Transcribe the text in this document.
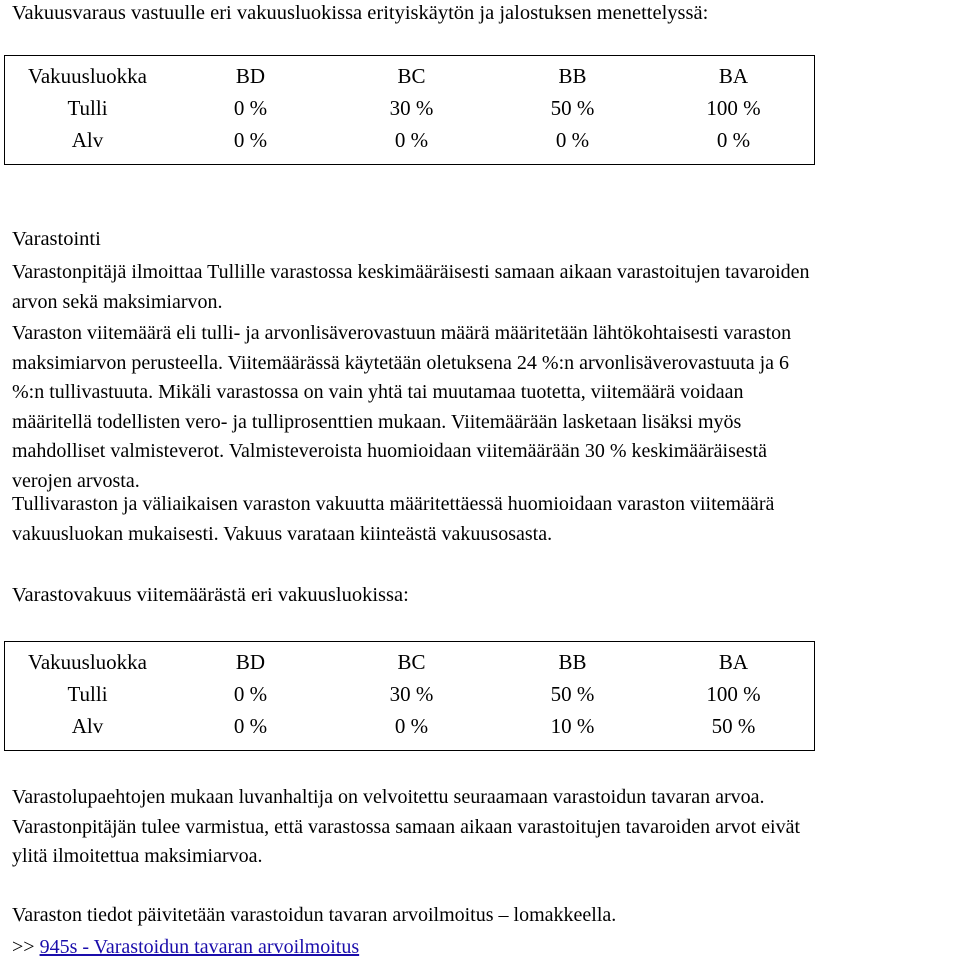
Vakuusvaraus vastuulle eri vakuusluokissa erityiskäytön ja jalostuksen menettelyssä:
Vakuusluokka	BD	BC	BB	BA
Tulli	0 %	30 %	50 %	100 %
Alv	0 %	0 %	0 %	0 %
Varastointi
Varastonpitäjä ilmoittaa Tullille varastossa keskimääräisesti samaan aikaan varastoitujen tavaroiden
arvon sekä maksimiarvon.
Varaston viitemäärä eli tulli- ja arvonlisäverovastuun määrä määritetään lähtökohtaisesti varaston
maksimiarvon perusteella. Viitemäärässä käytetään oletuksena 24 %:n arvonlisäverovastuuta ja 6
%:n tullivastuuta. Mikäli varastossa on vain yhtä tai muutamaa tuotetta, viitemäärä voidaan
määritellä todellisten vero- ja tulliprosenttien mukaan. Viitemäärään lasketaan lisäksi myös
mahdolliset valmisteverot. Valmisteveroista huomioidaan viitemäärään 30 % keskimääräisestä
verojen arvosta.
Tullivaraston ja väliaikaisen varaston vakuutta määritettäessä huomioidaan varaston viitemäärä
vakuusluokan mukaisesti. Vakuus varataan kiinteästä vakuusosasta.
Varastovakuus viitemäärästä eri vakuusluokissa:
Vakuusluokka	BD	BC	BB	BA
Tulli	0 %	30 %	50 %	100 %
Alv	0 %	0 %	10 %	50 %
Varastolupaehtojen mukaan luvanhaltija on velvoitettu seuraamaan varastoidun tavaran arvoa.
Varastonpitäjän tulee varmistua, että varastossa samaan aikaan varastoitujen tavaroiden arvot eivät
ylitä ilmoitettua maksimiarvoa.
Varaston tiedot päivitetään varastoidun tavaran arvoilmoitus – lomakkeella.
>> 945s - Varastoidun tavaran arvoilmoitus
